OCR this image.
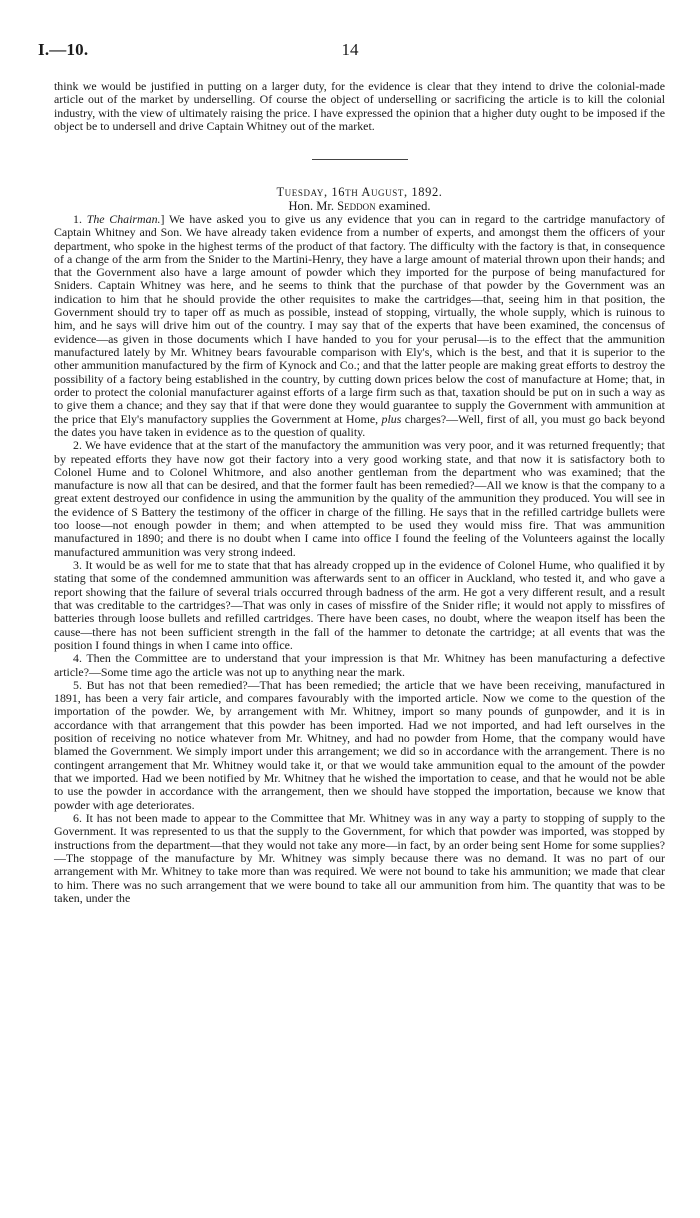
I.—10.	14

think we would be justified in putting on a larger duty, for the evidence is clear that they intend to drive the colonial-made article out of the market by underselling. Of course the object of underselling or sacrificing the article is to kill the colonial industry, with the view of ultimately raising the price. I have expressed the opinion that a higher duty ought to be imposed if the object be to undersell and drive Captain Whitney out of the market.

Tuesday, 16th August, 1892.

Hon. Mr. Seddon examined.

1. The Chairman.] We have asked you to give us any evidence that you can in regard to the cartridge manufactory of Captain Whitney and Son. We have already taken evidence from a number of experts, and amongst them the officers of your department, who spoke in the highest terms of the product of that factory. The difficulty with the factory is that, in consequence of a change of the arm from the Snider to the Martini-Henry, they have a large amount of material thrown upon their hands; and that the Government also have a large amount of powder which they imported for the purpose of being manufactured for Sniders. Captain Whitney was here, and he seems to think that the purchase of that powder by the Government was an indication to him that he should provide the other requisites to make the cartridges—that, seeing him in that position, the Government should try to taper off as much as possible, instead of stopping, virtually, the whole supply, which is ruinous to him, and he says will drive him out of the country. I may say that of the experts that have been examined, the concensus of evidence—as given in those documents which I have handed to you for your perusal—is to the effect that the ammunition manufactured lately by Mr. Whitney bears favourable comparison with Ely's, which is the best, and that it is superior to the other ammunition manufactured by the firm of Kynock and Co.; and that the latter people are making great efforts to destroy the possibility of a factory being established in the country, by cutting down prices below the cost of manufacture at Home; that, in order to protect the colonial manufacturer against efforts of a large firm such as that, taxation should be put on in such a way as to give them a chance; and they say that if that were done they would guarantee to supply the Government with ammunition at the price that Ely's manufactory supplies the Government at Home, plus charges?—Well, first of all, you must go back beyond the dates you have taken in evidence as to the question of quality.

2. We have evidence that at the start of the manufactory the ammunition was very poor, and it was returned frequently; that by repeated efforts they have now got their factory into a very good working state, and that now it is satisfactory both to Colonel Hume and to Colonel Whitmore, and also another gentleman from the department who was examined; that the manufacture is now all that can be desired, and that the former fault has been remedied?—All we know is that the company to a great extent destroyed our confidence in using the ammunition by the quality of the ammunition they produced. You will see in the evidence of S Battery the testimony of the officer in charge of the filling. He says that in the refilled cartridge bullets were too loose—not enough powder in them; and when attempted to be used they would miss fire. That was ammunition manufactured in 1890; and there is no doubt when I came into office I found the feeling of the Volunteers against the locally manufactured ammunition was very strong indeed.

3. It would be as well for me to state that that has already cropped up in the evidence of Colonel Hume, who qualified it by stating that some of the condemned ammunition was afterwards sent to an officer in Auckland, who tested it, and who gave a report showing that the failure of several trials occurred through badness of the arm. He got a very different result, and a result that was creditable to the cartridges?—That was only in cases of missfire of the Snider rifle; it would not apply to missfires of batteries through loose bullets and refilled cartridges. There have been cases, no doubt, where the weapon itself has been the cause—there has not been sufficient strength in the fall of the hammer to detonate the cartridge; at all events that was the position I found things in when I came into office.

4. Then the Committee are to understand that your impression is that Mr. Whitney has been manufacturing a defective article?—Some time ago the article was not up to anything near the mark.

5. But has not that been remedied?—That has been remedied; the article that we have been receiving, manufactured in 1891, has been a very fair article, and compares favourably with the imported article. Now we come to the question of the importation of the powder. We, by arrangement with Mr. Whitney, import so many pounds of gunpowder, and it is in accordance with that arrangement that this powder has been imported. Had we not imported, and had left ourselves in the position of receiving no notice whatever from Mr. Whitney, and had no powder from Home, that the company would have blamed the Government. We simply import under this arrangement; we did so in accordance with the arrangement. There is no contingent arrangement that Mr. Whitney would take it, or that we would take ammunition equal to the amount of the powder that we imported. Had we been notified by Mr. Whitney that he wished the importation to cease, and that he would not be able to use the powder in accordance with the arrangement, then we should have stopped the importation, because we know that powder with age deteriorates.

6. It has not been made to appear to the Committee that Mr. Whitney was in any way a party to stopping of supply to the Government. It was represented to us that the supply to the Government, for which that powder was imported, was stopped by instructions from the department—that they would not take any more—in fact, by an order being sent Home for some supplies?—The stoppage of the manufacture by Mr. Whitney was simply because there was no demand. It was no part of our arrangement with Mr. Whitney to take more than was required. We were not bound to take his ammunition; we made that clear to him. There was no such arrangement that we were bound to take all our ammunition from him. The quantity that was to be taken, under the
